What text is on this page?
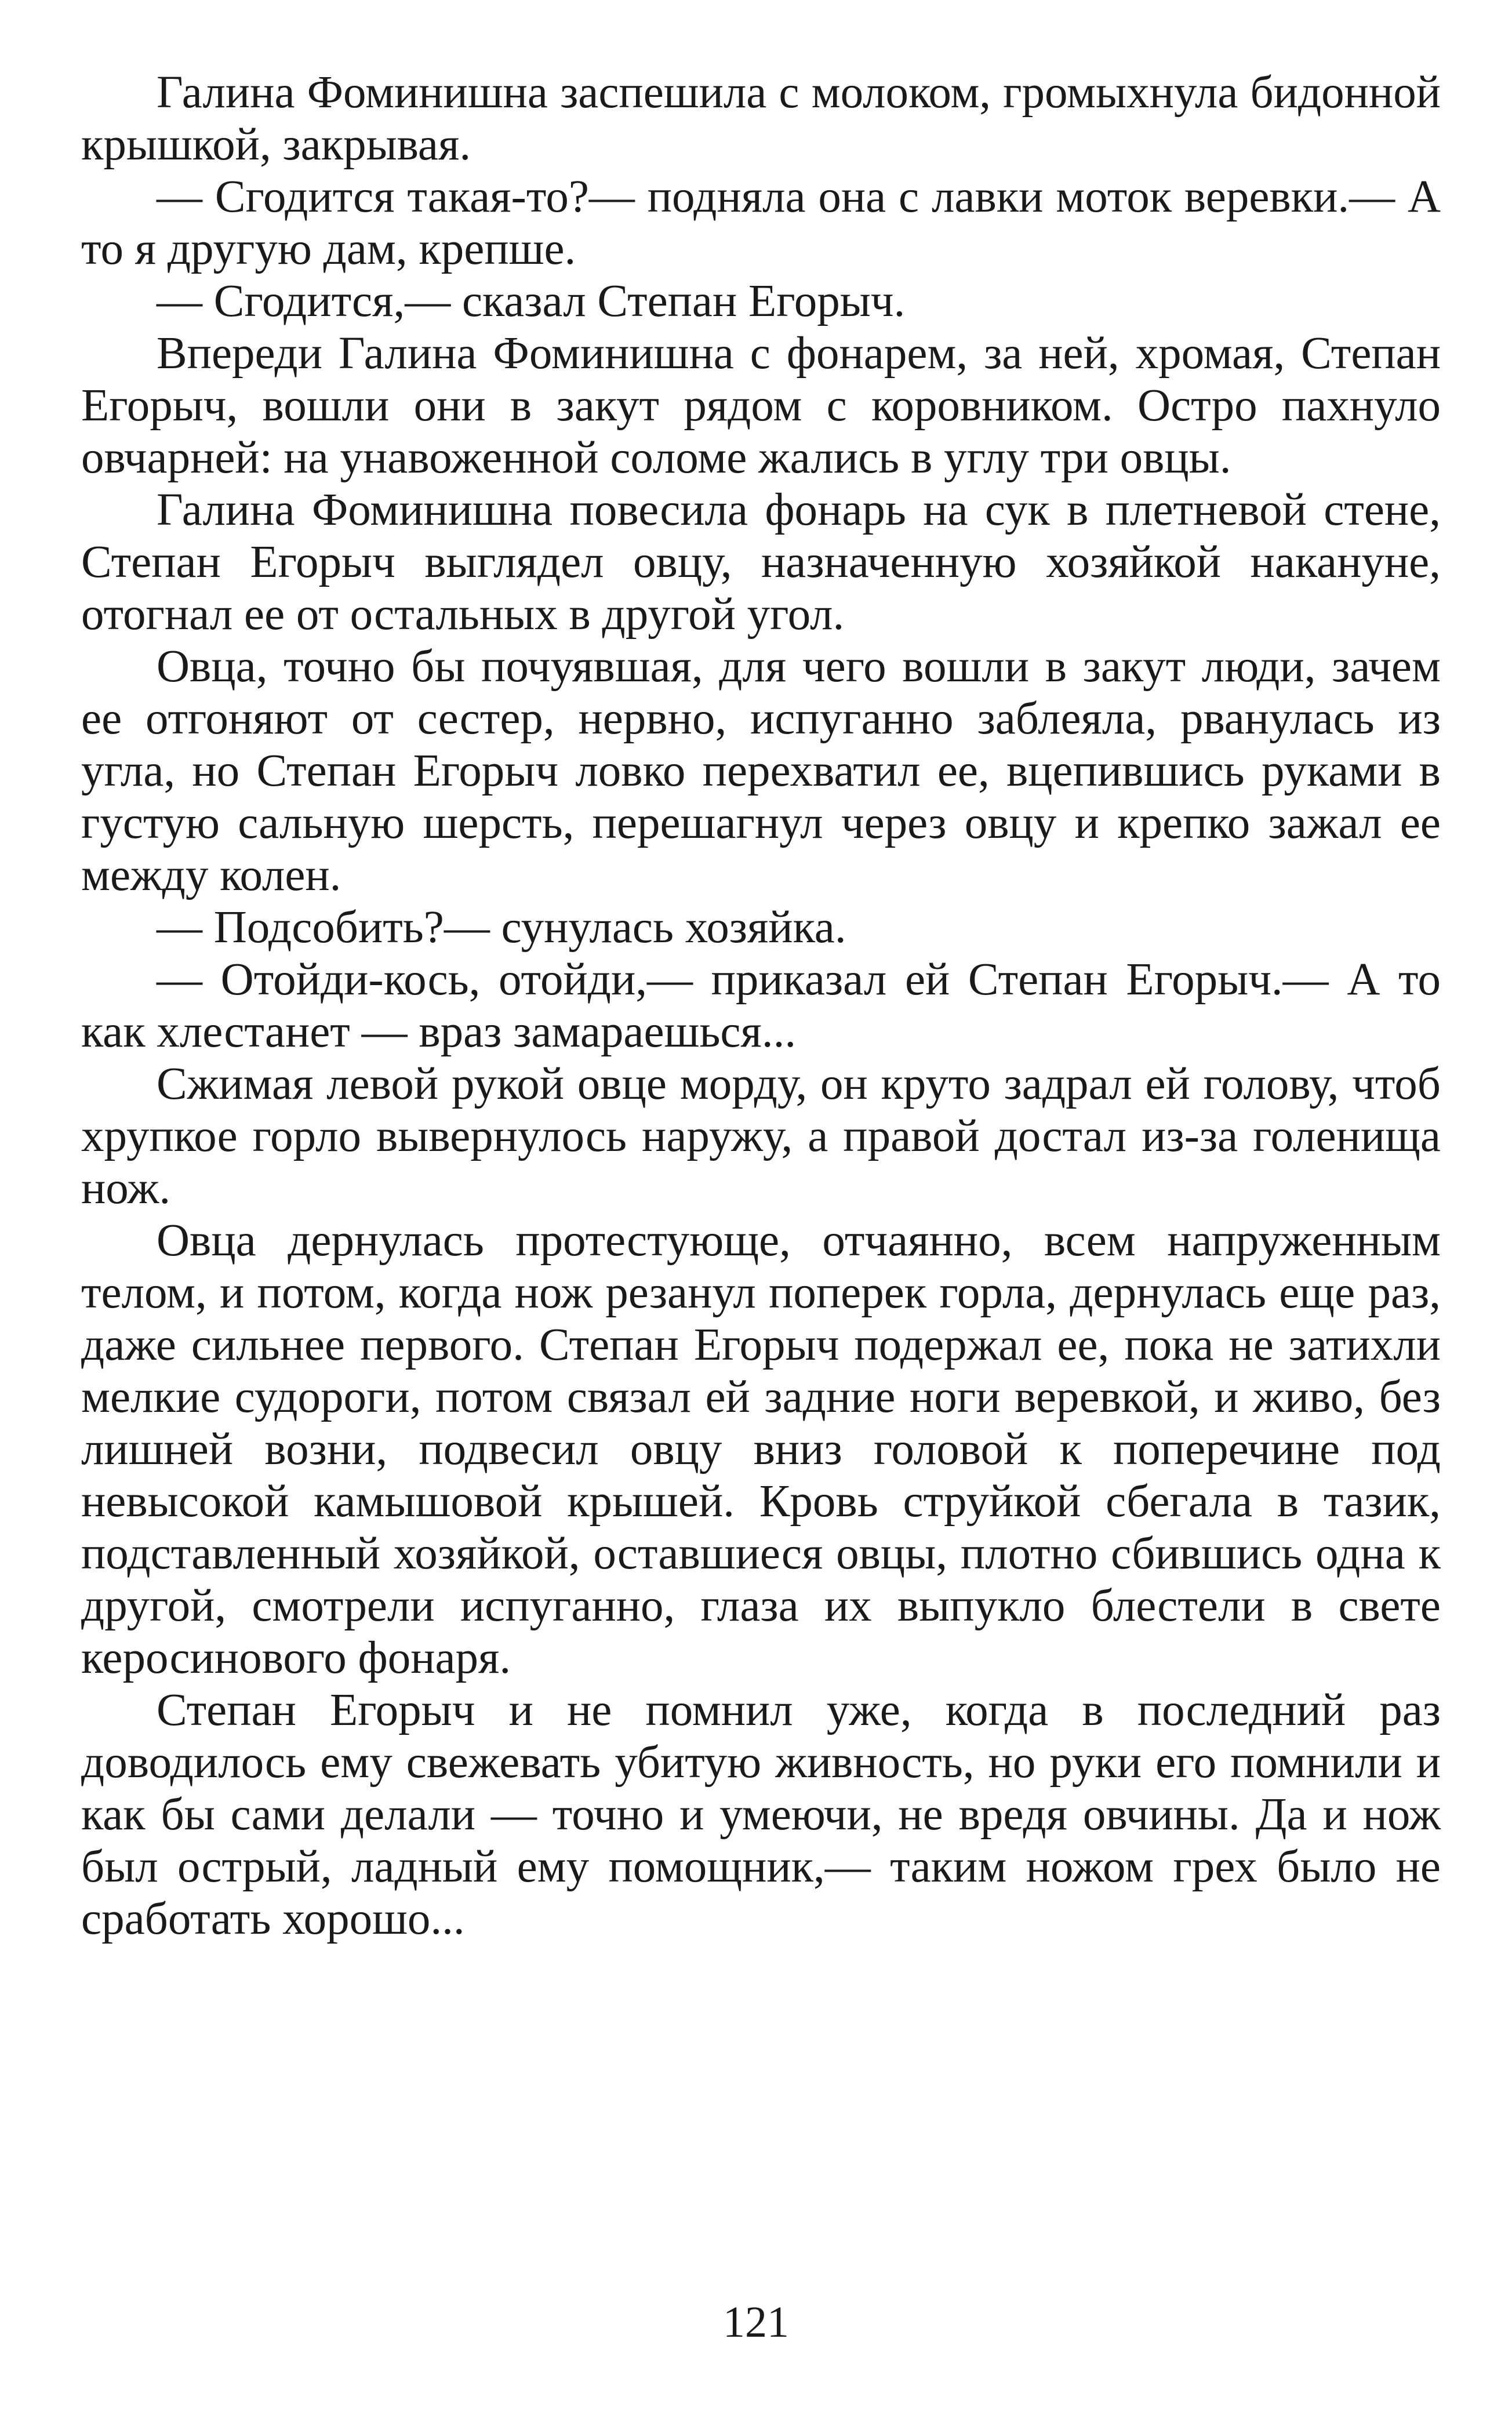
Галина Фоминишна заспешила с молоком, громыхнула бидонной крышкой, закрывая.

— Сгодится такая-то?— подняла она с лавки моток веревки.— А то я другую дам, крепше.

— Сгодится,— сказал Степан Егорыч.

Впереди Галина Фоминишна с фонарем, за ней, хромая, Степан Егорыч, вошли они в закут рядом с коровником. Остро пахнуло овчарней: на унавоженной соломе жались в углу три овцы.

Галина Фоминишна повесила фонарь на сук в плетневой стене, Степан Егорыч выглядел овцу, назначенную хозяйкой накануне, отогнал ее от остальных в другой угол.

Овца, точно бы почуявшая, для чего вошли в закут люди, зачем ее отгоняют от сестер, нервно, испуганно заблеяла, рванулась из угла, но Степан Егорыч ловко перехватил ее, вцепившись руками в густую сальную шерсть, перешагнул через овцу и крепко зажал ее между колен.

— Подсобить?— сунулась хозяйка.

— Отойди-кось, отойди,— приказал ей Степан Егорыч.— А то как хлестанет — враз замараешься...

Сжимая левой рукой овце морду, он круто задрал ей голову, чтоб хрупкое горло вывернулось наружу, а правой достал из-за голенища нож.

Овца дернулась протестующе, отчаянно, всем напруженным телом, и потом, когда нож резанул поперек горла, дернулась еще раз, даже сильнее первого. Степан Егорыч подержал ее, пока не затихли мелкие судороги, потом связал ей задние ноги веревкой, и живо, без лишней возни, подвесил овцу вниз головой к поперечине под невысокой камышовой крышей. Кровь струйкой сбегала в тазик, подставленный хозяйкой, оставшиеся овцы, плотно сбившись одна к другой, смотрели испуганно, глаза их выпукло блестели в свете керосинового фонаря.

Степан Егорыч и не помнил уже, когда в последний раз доводилось ему свежевать убитую живность, но руки его помнили и как бы сами делали — точно и умеючи, не вредя овчины. Да и нож был острый, ладный ему помощник,— таким ножом грех было не сработать хорошо...

121
